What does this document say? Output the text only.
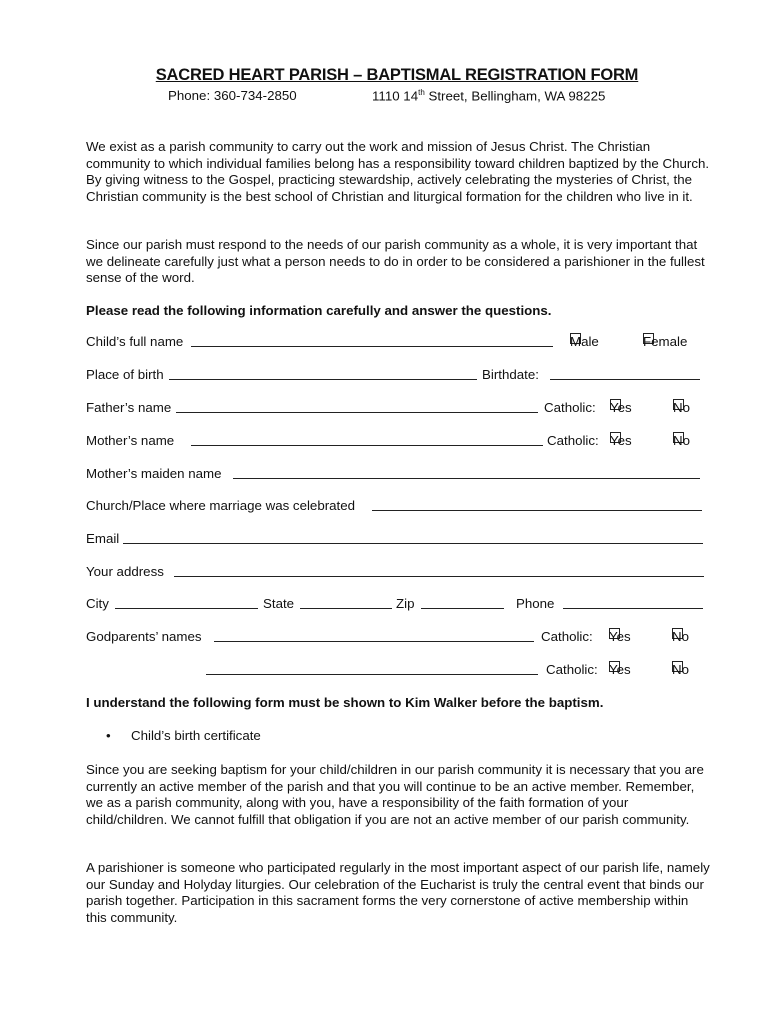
SACRED HEART PARISH – BAPTISMAL REGISTRATION FORM
Phone: 360-734-2850	1110 14th Street, Bellingham, WA 98225

We exist as a parish community to carry out the work and mission of Jesus Christ. The Christian community to which individual families belong has a responsibility toward children baptized by the Church. By giving witness to the Gospel, practicing stewardship, actively celebrating the mysteries of Christ, the Christian community is the best school of Christian and liturgical formation for the children who live in it.

Since our parish must respond to the needs of our parish community as a whole, it is very important that we delineate carefully just what a person needs to do in order to be considered a parishioner in the fullest sense of the word.

Please read the following information carefully and answer the questions.

Child’s full name	Male	Female
Place of birth	Birthdate:
Father’s name	Catholic: Yes	No
Mother’s name	Catholic: Yes	No
Mother’s maiden name
Church/Place where marriage was celebrated
Email
Your address
City	State	Zip	Phone
Godparents’ names	Catholic: Yes	No
Catholic: Yes	No

I understand the following form must be shown to Kim Walker before the baptism.

• Child’s birth certificate

Since you are seeking baptism for your child/children in our parish community it is necessary that you are currently an active member of the parish and that you will continue to be an active member. Remember, we as a parish community, along with you, have a responsibility of the faith formation of your child/children. We cannot fulfill that obligation if you are not an active member of our parish community.

A parishioner is someone who participated regularly in the most important aspect of our parish life, namely our Sunday and Holyday liturgies. Our celebration of the Eucharist is truly the central event that binds our parish together. Participation in this sacrament forms the very cornerstone of active membership within this community.
